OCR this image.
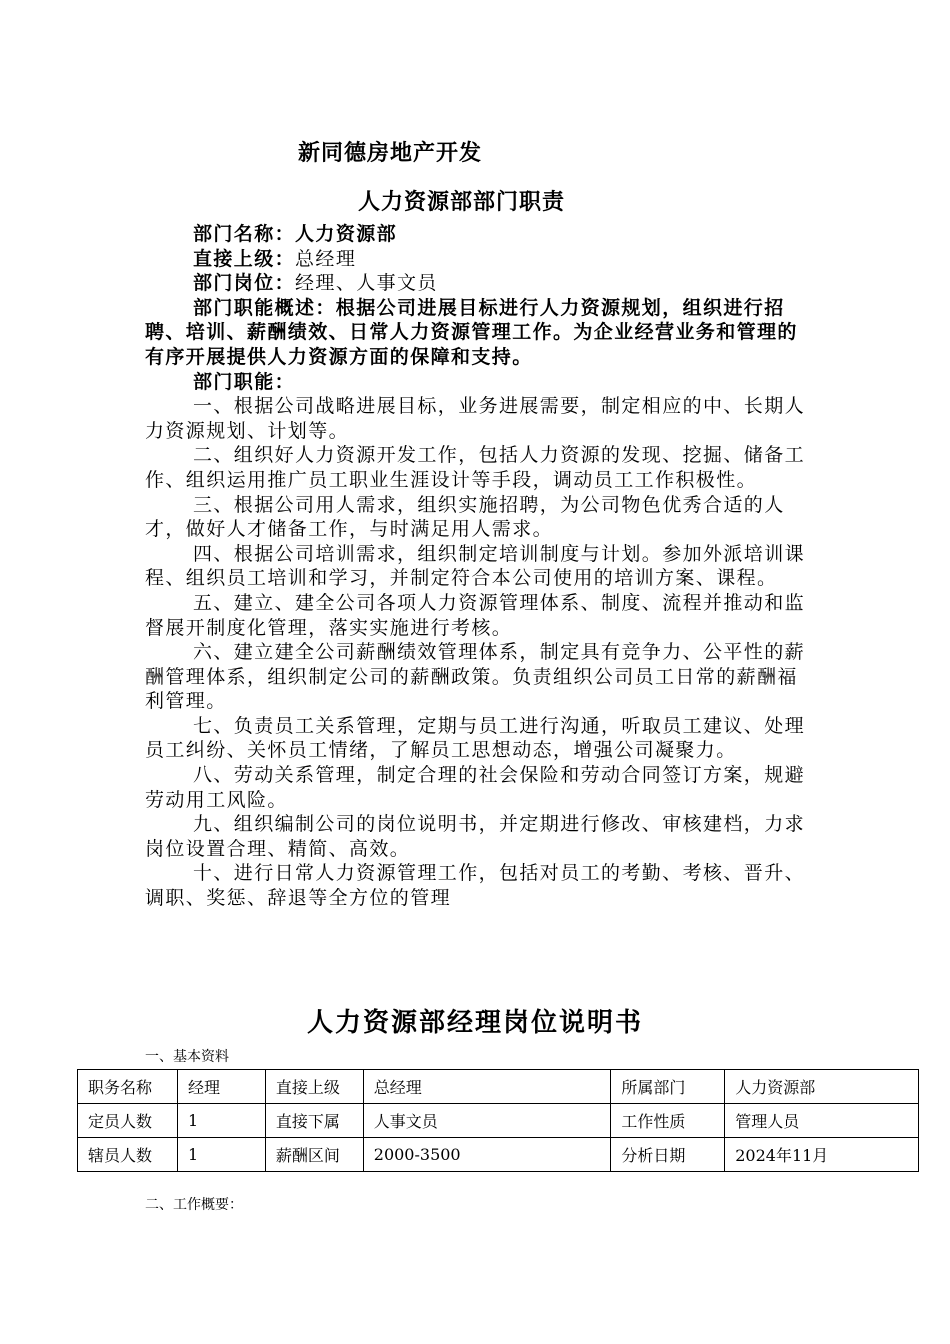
新同德房地产开发
人力资源部部门职责

部门名称：人力资源部

直接上级：总经理

部门岗位：经理、人事文员

部门职能概述：根据公司进展目标进行人力资源规划，组织进行招聘、培训、薪酬绩效、日常人力资源管理工作。为企业经营业务和管理的有序开展提供人力资源方面的保障和支持。

部门职能：

一、根据公司战略进展目标，业务进展需要，制定相应的中、长期人力资源规划、计划等。

二、组织好人力资源开发工作，包括人力资源的发现、挖掘、储备工作、组织运用推广员工职业生涯设计等手段，调动员工工作积极性。

三、根据公司用人需求，组织实施招聘，为公司物色优秀合适的人才，做好人才储备工作，与时满足用人需求。

四、根据公司培训需求，组织制定培训制度与计划。参加外派培训课程、组织员工培训和学习，并制定符合本公司使用的培训方案、课程。

五、建立、建全公司各项人力资源管理体系、制度、流程并推动和监督展开制度化管理，落实实施进行考核。

六、建立建全公司薪酬绩效管理体系，制定具有竞争力、公平性的薪酬管理体系，组织制定公司的薪酬政策。负责组织公司员工日常的薪酬福利管理。

七、负责员工关系管理，定期与员工进行沟通，听取员工建议、处理员工纠纷、关怀员工情绪，了解员工思想动态，增强公司凝聚力。

八、劳动关系管理，制定合理的社会保险和劳动合同签订方案，规避劳动用工风险。

九、组织编制公司的岗位说明书，并定期进行修改、审核建档，力求岗位设置合理、精简、高效。

十、进行日常人力资源管理工作，包括对员工的考勤、考核、晋升、调职、奖惩、辞退等全方位的管理

人力资源部经理岗位说明书
一、基本资料
职务名称	经理	直接上级	总经理	所属部门	人力资源部
定员人数	1	直接下属	人事文员	工作性质	管理人员
辖员人数	1	薪酬区间	2000-3500	分析日期	2024年11月
二、工作概要：
